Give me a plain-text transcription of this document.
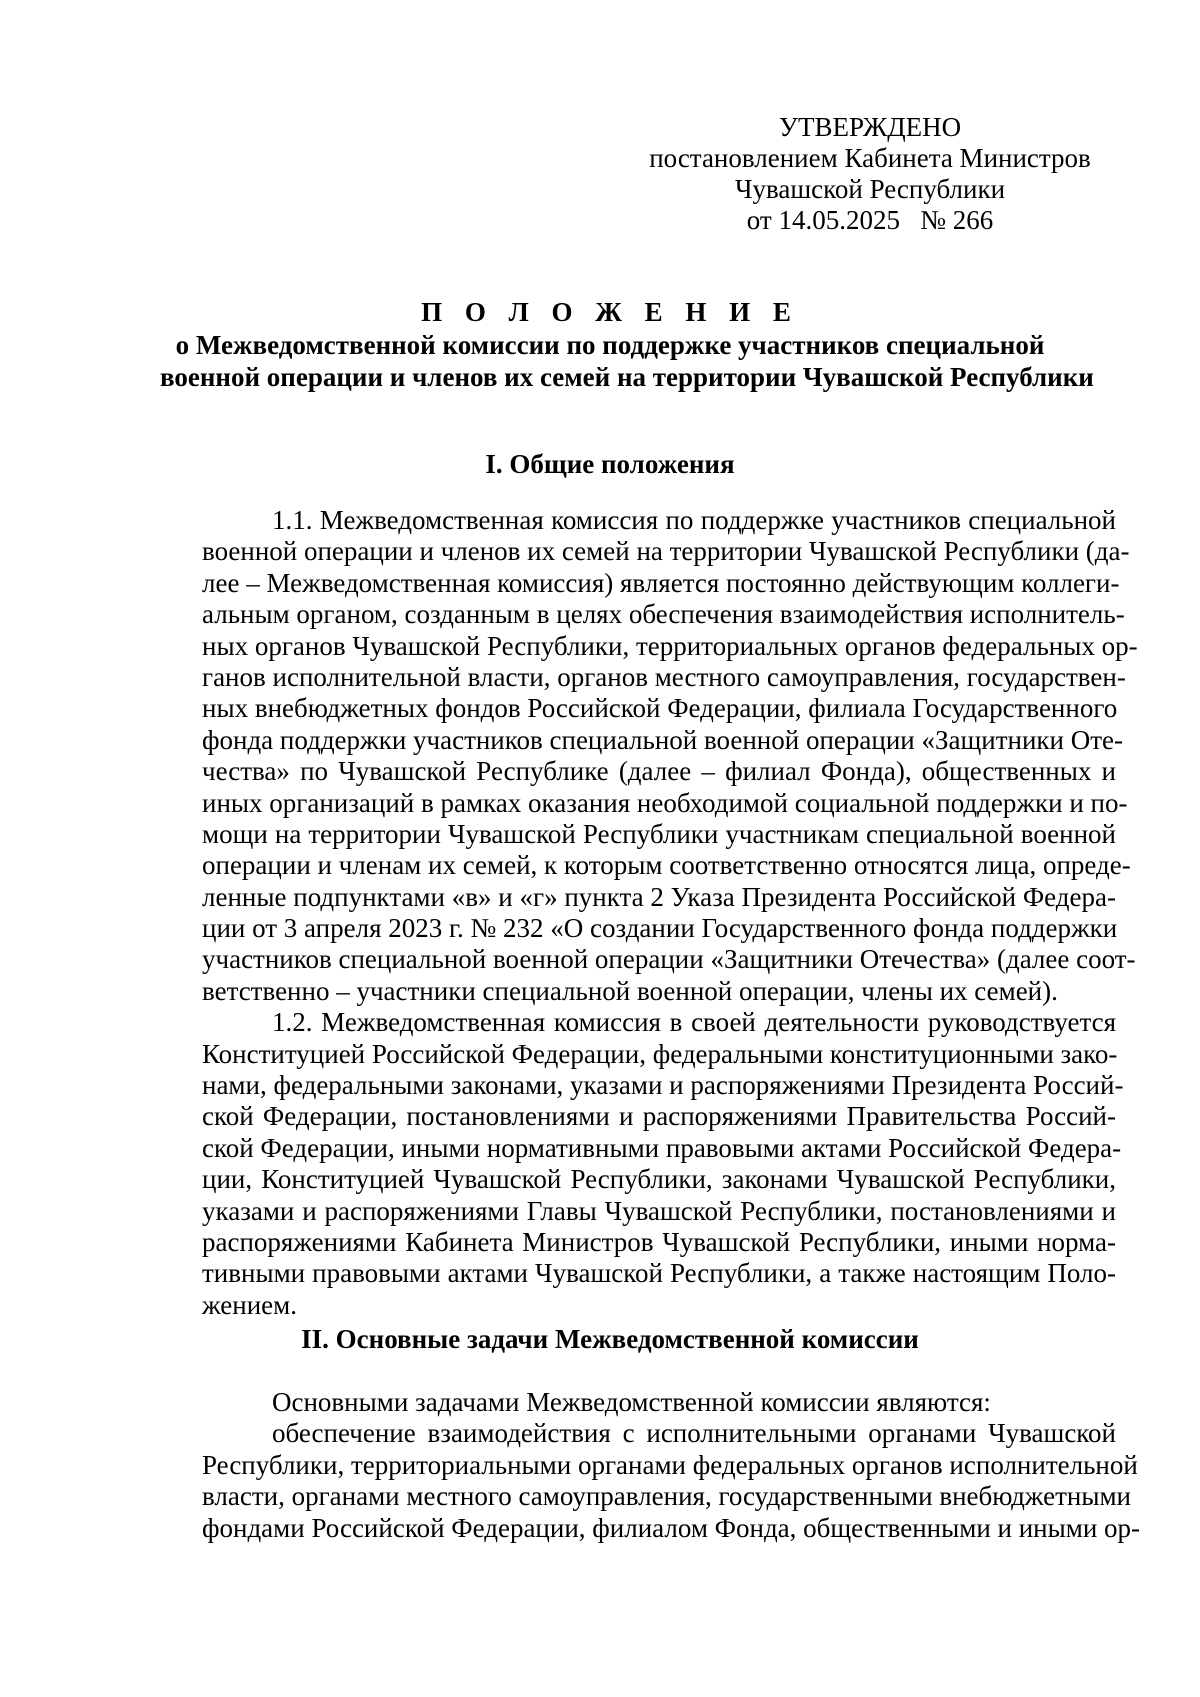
УТВЕРЖДЕНО
постановлением Кабинета Министров
Чувашской Республики
от 14.05.2025   № 266
П О Л О Ж Е Н И Е
о Межведомственной комиссии по поддержке участников специальной
военной операции и членов их семей на территории Чувашской Республики
I. Общие положения
1.1. Межведомственная комиссия по поддержке участников специальной
военной операции и членов их семей на территории Чувашской Республики (да-
лее – Межведомственная комиссия) является постоянно действующим коллеги-
альным органом, созданным в целях обеспечения взаимодействия исполнитель-
ных органов Чувашской Республики, территориальных органов федеральных ор-
ганов исполнительной власти, органов местного самоуправления, государствен-
ных внебюджетных фондов Российской Федерации, филиала Государственного
фонда поддержки участников специальной военной операции «Защитники Оте-
чества» по Чувашской Республике (далее – филиал Фонда), общественных и
иных организаций в рамках оказания необходимой социальной поддержки и по-
мощи на территории Чувашской Республики участникам специальной военной
операции и членам их семей, к которым соответственно относятся лица, опреде-
ленные подпунктами «в» и «г» пункта 2 Указа Президента Российской Федера-
ции от 3 апреля 2023 г. № 232 «О создании Государственного фонда поддержки
участников специальной военной операции «Защитники Отечества» (далее соот-
ветственно – участники специальной военной операции, члены их семей).
1.2. Межведомственная комиссия в своей деятельности руководствуется
Конституцией Российской Федерации, федеральными конституционными зако-
нами, федеральными законами, указами и распоряжениями Президента Россий-
ской Федерации, постановлениями и распоряжениями Правительства Россий-
ской Федерации, иными нормативными правовыми актами Российской Федера-
ции, Конституцией Чувашской Республики, законами Чувашской Республики,
указами и распоряжениями Главы Чувашской Республики, постановлениями и
распоряжениями Кабинета Министров Чувашской Республики, иными норма-
тивными правовыми актами Чувашской Республики, а также настоящим Поло-
жением.
II. Основные задачи Межведомственной комиссии
Основными задачами Межведомственной комиссии являются:
обеспечение взаимодействия с исполнительными органами Чувашской
Республики, территориальными органами федеральных органов исполнительной
власти, органами местного самоуправления, государственными внебюджетными
фондами Российской Федерации, филиалом Фонда, общественными и иными ор-
